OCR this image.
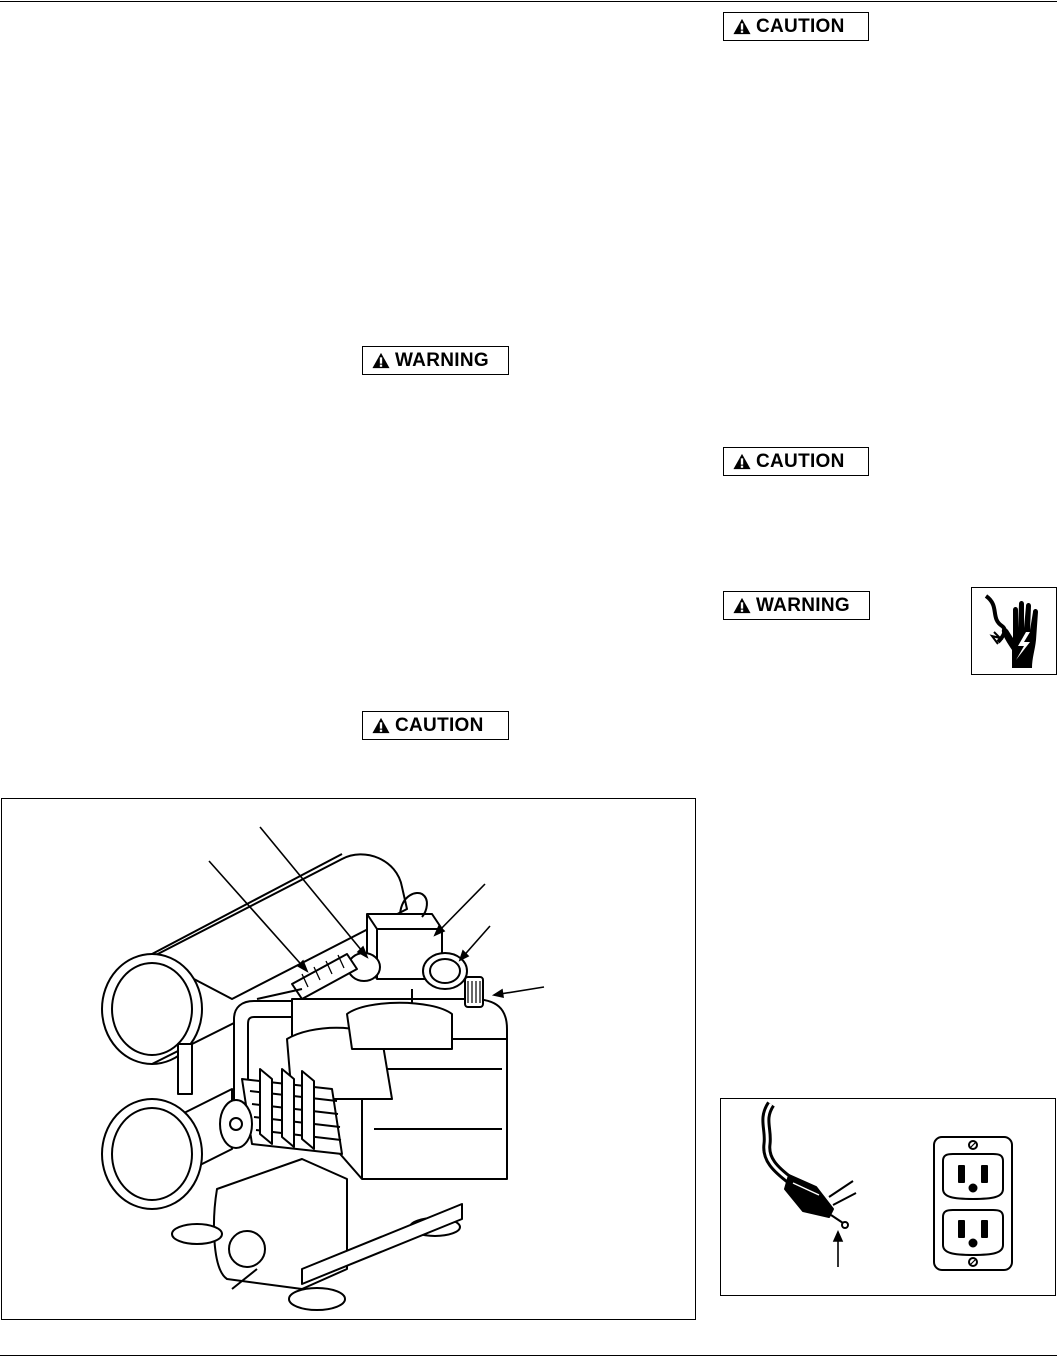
CAUTION
WARNING
CAUTION
WARNING
CAUTION
